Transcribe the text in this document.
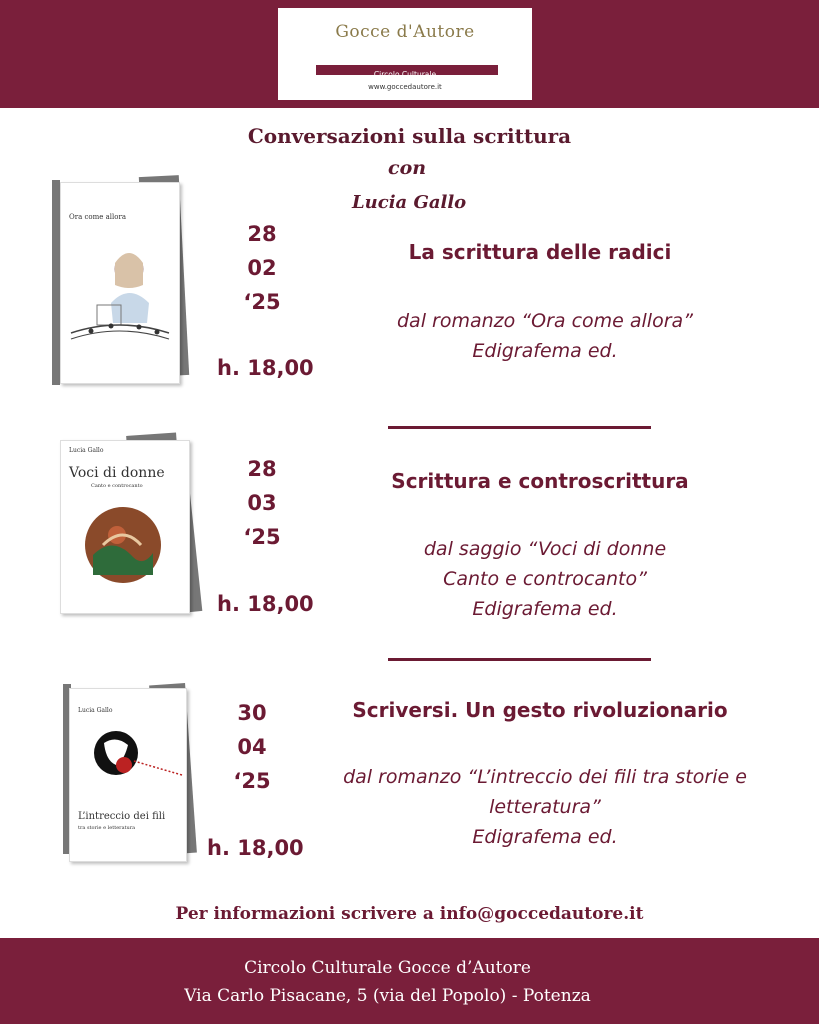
Gocce d'Autore
Circolo Culturale
www.goccedautore.it
Conversazioni sulla scrittura
con
Lucia Gallo
Ora come allora
28
02
‘25
h. 18,00
La scrittura delle radici
dal romanzo “Ora come allora”
Edigrafema ed.
Lucia Gallo
Voci di donne
Canto e controcanto
28
03
‘25
h. 18,00
Scrittura e controscrittura
dal saggio “Voci di donne
Canto e controcanto”
Edigrafema ed.
Lucia Gallo
L’intreccio dei fili
tra storie e letteratura
30
04
‘25
h. 18,00
Scriversi. Un gesto rivoluzionario
dal romanzo “L’intreccio dei fili tra storie e
letteratura”
Edigrafema ed.
Per informazioni scrivere a info@goccedautore.it
Circolo Culturale Gocce d’Autore
Via Carlo Pisacane, 5 (via del Popolo) - Potenza
